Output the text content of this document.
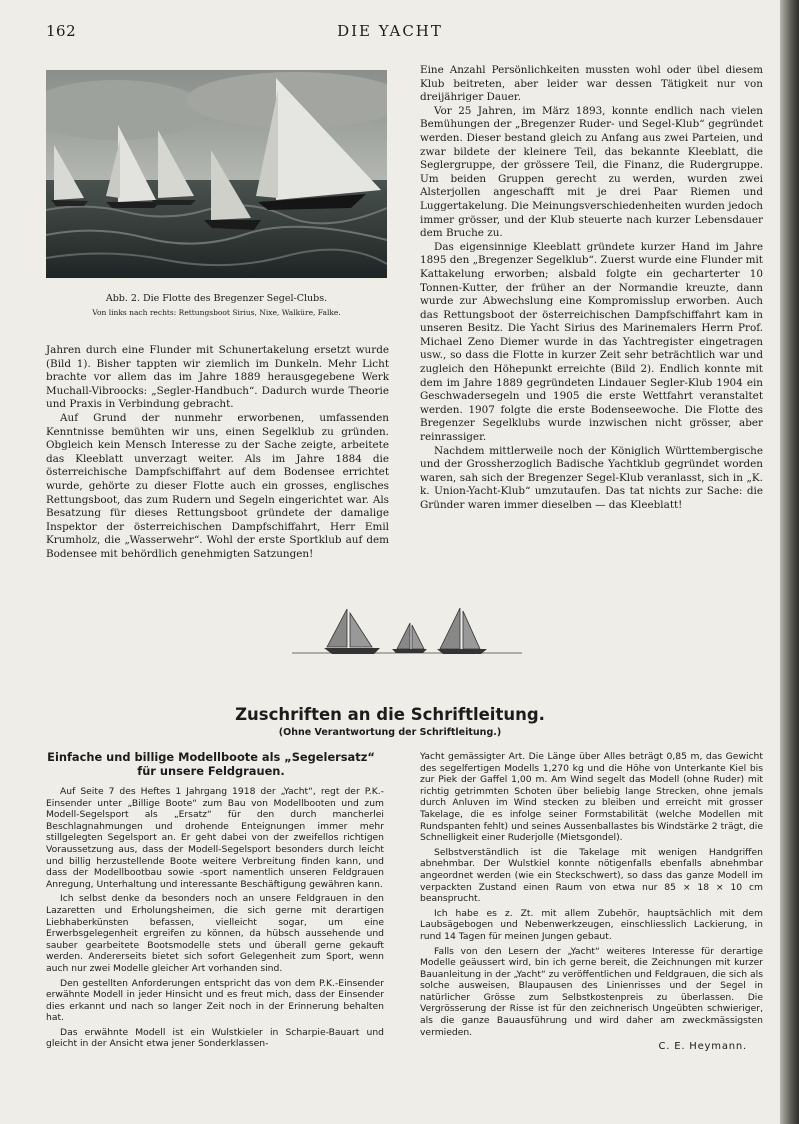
162	DIE YACHT
Abb. 2. Die Flotte des Bregenzer Segel-Clubs.
Von links nach rechts: Rettungsboot Sirius, Nixe, Walküre, Falke.

Jahren durch eine Flunder mit Schunertakelung ersetzt wurde (Bild 1). Bisher tappten wir ziemlich im Dunkeln. Mehr Licht brachte vor allem das im Jahre 1889 herausgegebene Werk Muchall-Vibroocks: „Segler-Handbuch“. Dadurch wurde Theorie und Praxis in Verbindung gebracht.

Auf Grund der nunmehr erworbenen, umfassenden Kenntnisse bemühten wir uns, einen Segelklub zu gründen. Obgleich kein Mensch Interesse zu der Sache zeigte, arbeitete das Kleeblatt unverzagt weiter. Als im Jahre 1884 die österreichische Dampfschiffahrt auf dem Bodensee errichtet wurde, gehörte zu dieser Flotte auch ein grosses, englisches Rettungsboot, das zum Rudern und Segeln eingerichtet war. Als Besatzung für dieses Rettungsboot gründete der damalige Inspektor der österreichischen Dampfschiffahrt, Herr Emil Krumholz, die „Wasserwehr“. Wohl der erste Sportklub auf dem Bodensee mit behördlich genehmigten Satzungen!

Eine Anzahl Persönlichkeiten mussten wohl oder übel diesem Klub beitreten, aber leider war dessen Tätigkeit nur von dreijähriger Dauer.

Vor 25 Jahren, im März 1893, konnte endlich nach vielen Bemühungen der „Bregenzer Ruder- und Segel-Klub“ gegründet werden. Dieser bestand gleich zu Anfang aus zwei Parteien, und zwar bildete der kleinere Teil, das bekannte Kleeblatt, die Seglergruppe, der grössere Teil, die Finanz, die Rudergruppe. Um beiden Gruppen gerecht zu werden, wurden zwei Alsterjollen angeschafft mit je drei Paar Riemen und Luggertakelung. Die Meinungsverschiedenheiten wurden jedoch immer grösser, und der Klub steuerte nach kurzer Lebensdauer dem Bruche zu.

Das eigensinnige Kleeblatt gründete kurzer Hand im Jahre 1895 den „Bregenzer Segelklub“. Zuerst wurde eine Flunder mit Kattakelung erworben; alsbald folgte ein gecharterter 10 Tonnen-Kutter, der früher an der Normandie kreuzte, dann wurde zur Abwechslung eine Kompromisslup erworben. Auch das Rettungsboot der österreichischen Dampfschiffahrt kam in unseren Besitz. Die Yacht Sirius des Marinemalers Herrn Prof. Michael Zeno Diemer wurde in das Yachtregister eingetragen usw., so dass die Flotte in kurzer Zeit sehr beträchtlich war und zugleich den Höhepunkt erreichte (Bild 2). Endlich konnte mit dem im Jahre 1889 gegründeten Lindauer Segler-Klub 1904 ein Geschwadersegeln und 1905 die erste Wettfahrt veranstaltet werden. 1907 folgte die erste Bodenseewoche. Die Flotte des Bregenzer Segelklubs wurde inzwischen nicht grösser, aber reinrassiger.

Nachdem mittlerweile noch der Königlich Württembergische und der Grossherzoglich Badische Yachtklub gegründet worden waren, sah sich der Bregenzer Segel-Klub veranlasst, sich in „K. k. Union-Yacht-Klub“ umzutaufen. Das tat nichts zur Sache: die Gründer waren immer dieselben — das Kleeblatt!

Zuschriften an die Schriftleitung.
(Ohne Verantwortung der Schriftleitung.)
Einfache und billige Modellboote als „Segelersatz“
für unsere Feldgrauen.

Auf Seite 7 des Heftes 1 Jahrgang 1918 der „Yacht“, regt der P.K.-Einsender unter „Billige Boote“ zum Bau von Modellbooten und zum Modell-Segelsport als „Ersatz“ für den durch mancherlei Beschlagnahmungen und drohende Enteignungen immer mehr stillgelegten Segelsport an. Er geht dabei von der zweifellos richtigen Voraussetzung aus, dass der Modell-Segelsport besonders durch leicht und billig herzustellende Boote weitere Verbreitung finden kann, und dass der Modellbootbau sowie -sport namentlich unseren Feldgrauen Anregung, Unterhaltung und interessante Beschäftigung gewähren kann.

Ich selbst denke da besonders noch an unsere Feldgrauen in den Lazaretten und Erholungsheimen, die sich gerne mit derartigen Liebhaberkünsten befassen, vielleicht sogar, um eine Erwerbsgelegenheit ergreifen zu können, da hübsch aussehende und sauber gearbeitete Bootsmodelle stets und überall gerne gekauft werden. Andererseits bietet sich sofort Gelegenheit zum Sport, wenn auch nur zwei Modelle gleicher Art vorhanden sind.

Den gestellten Anforderungen entspricht das von dem P.K.-Einsender erwähnte Modell in jeder Hinsicht und es freut mich, dass der Einsender dies erkannt und nach so langer Zeit noch in der Erinnerung behalten hat.

Das erwähnte Modell ist ein Wulstkieler in Scharpie-Bauart und gleicht in der Ansicht etwa jener Sonderklassen-

Yacht gemässigter Art. Die Länge über Alles beträgt 0,85 m, das Gewicht des segelfertigen Modells 1,270 kg und die Höhe von Unterkante Kiel bis zur Piek der Gaffel 1,00 m. Am Wind segelt das Modell (ohne Ruder) mit richtig getrimmten Schoten über beliebig lange Strecken, ohne jemals durch Anluven im Wind stecken zu bleiben und erreicht mit grosser Takelage, die es infolge seiner Formstabilität (welche Modellen mit Rundspanten fehlt) und seines Aussenballastes bis Windstärke 2 trägt, die Schnelligkeit einer Ruderjolle (Mietsgondel).

Selbstverständlich ist die Takelage mit wenigen Handgriffen abnehmbar. Der Wulstkiel konnte nötigenfalls ebenfalls abnehmbar angeordnet werden (wie ein Steckschwert), so dass das ganze Modell im verpackten Zustand einen Raum von etwa nur 85 × 18 × 10 cm beansprucht.

Ich habe es z. Zt. mit allem Zubehör, hauptsächlich mit dem Laubsägebogen und Nebenwerkzeugen, einschliesslich Lackierung, in rund 14 Tagen für meinen Jungen gebaut.

Falls von den Lesern der „Yacht“ weiteres Interesse für derartige Modelle geäussert wird, bin ich gerne bereit, die Zeichnungen mit kurzer Bauanleitung in der „Yacht“ zu veröffentlichen und Feldgrauen, die sich als solche ausweisen, Blaupausen des Linienrisses und der Segel in natürlicher Grösse zum Selbstkostenpreis zu überlassen. Die Vergrösserung der Risse ist für den zeichnerisch Ungeübten schwieriger, als die ganze Bauausführung und wird daher am zweckmässigsten vermieden.

C. E. Heymann.
